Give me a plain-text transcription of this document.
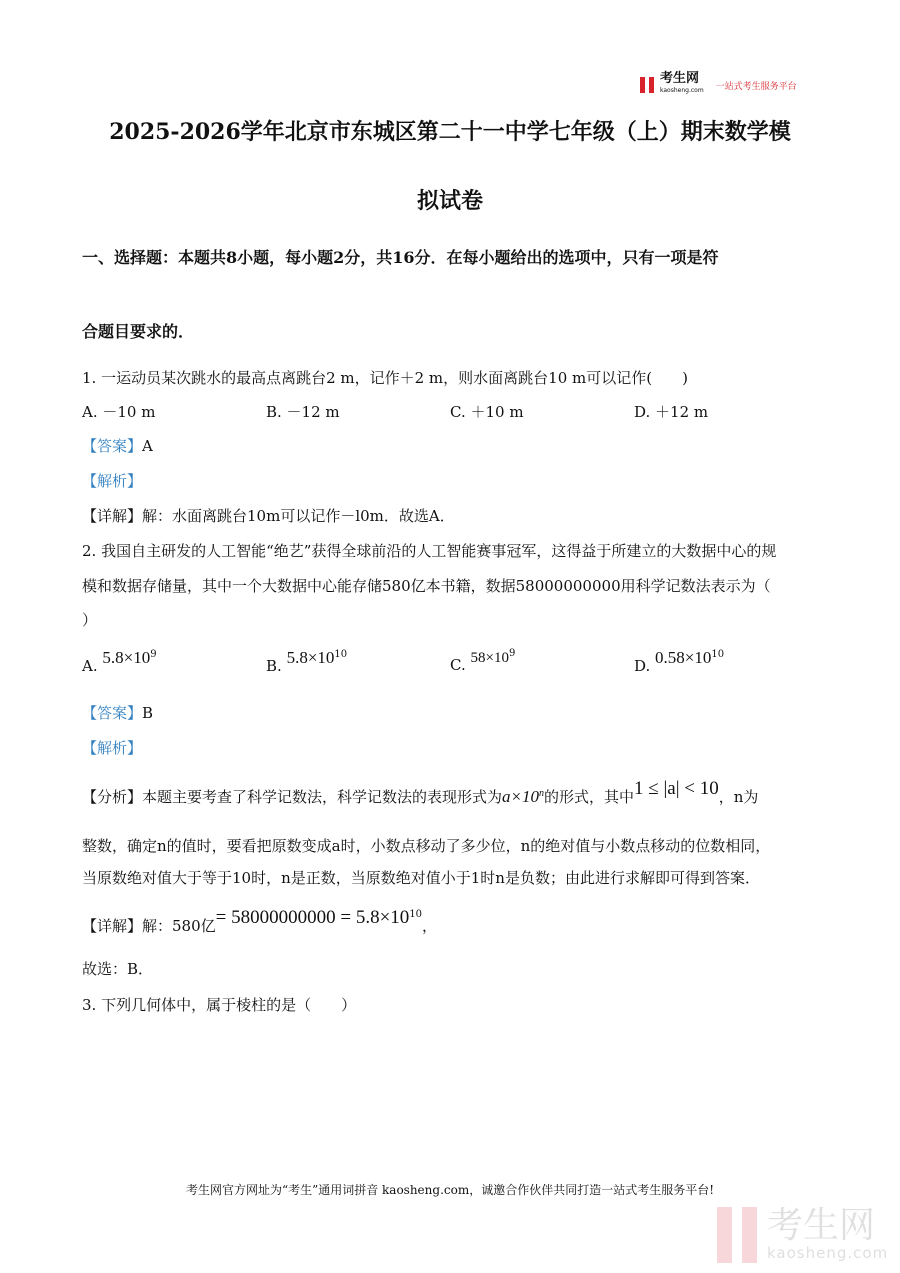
考生网
kaosheng.com 一站式考生服务平台
2025-2026学年北京市东城区第二十一中学七年级（上）期末数学模
拟试卷
一、选择题：本题共8小题，每小题2分，共16分．在每小题给出的选项中，只有一项是符
合题目要求的．
1. 一运动员某次跳水的最高点离跳台2 m，记作＋2 m，则水面离跳台10 m可以记作(　　)
A. －10 m	B. －12 m	C. ＋10 m	D. ＋12 m
【答案】A
【解析】
【详解】解：水面离跳台10m可以记作－l0m．故选A．
2. 我国自主研发的人工智能“绝艺”获得全球前沿的人工智能赛事冠军，这得益于所建立的大数据中心的规
模和数据存储量，其中一个大数据中心能存储580亿本书籍，数据58000000000用科学记数法表示为（
）
A. $5.8\times 10^9$
B. $5.8\times 10^{10}$
C. $58\times 10^9$
D. $0.58\times 10^{10}$
【答案】B
【解析】
【分析】本题主要考查了科学记数法，科学记数法的表现形式为$a\times 10^n$的形式，其中1 ≤ |a| < 10，n为
整数，确定n的值时，要看把原数变成a时，小数点移动了多少位，n的绝对值与小数点移动的位数相同，
当原数绝对值大于等于10时，n是正数，当原数绝对值小于1时n是负数；由此进行求解即可得到答案．
【详解】解：580亿= $58000000000 = 5.8\times 10^{10}$，
故选：B．
3. 下列几何体中，属于棱柱的是（　　）
考生网官方网址为“考生”通用词拼音 kaosheng.com，诚邀合作伙伴共同打造一站式考生服务平台!
考生网
kaosheng.com
